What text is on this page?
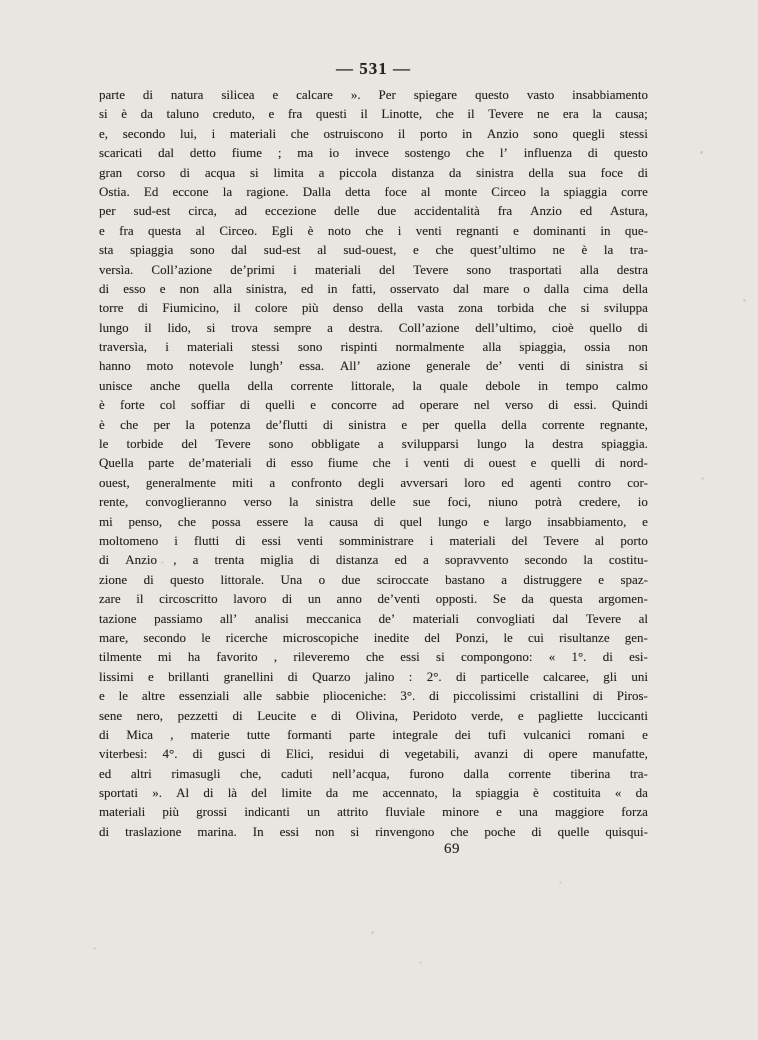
— 531 —
parte di natura silicea e calcare ». Per spiegare questo vasto insabbiamento
si è da taluno creduto, e fra questi il Linotte, che il Tevere ne era la causa;
e, secondo lui, i materiali che ostruiscono il porto in Anzio sono quegli stessi
scaricati dal detto fiume ; ma io invece sostengo che l’ influenza di questo
gran corso di acqua si limita a piccola distanza da sinistra della sua foce di
Ostia. Ed eccone la ragione. Dalla detta foce al monte Circeo la spiaggia corre
per sud-est circa, ad eccezione delle due accidentalità fra Anzio ed Astura,
e fra questa al Circeo. Egli è noto che i venti regnanti e dominanti in que-
sta spiaggia sono dal sud-est al sud-ouest, e che quest’ultimo ne è la tra-
versìa. Coll’azione de’primi i materiali del Tevere sono trasportati alla destra
di esso e non alla sinistra, ed in fatti, osservato dal mare o dalla cima della
torre di Fiumicino, il colore più denso della vasta zona torbida che si sviluppa
lungo il lido, si trova sempre a destra. Coll’azione dell’ultimo, cioè quello di
traversìa, i materiali stessi sono rispinti normalmente alla spiaggia, ossia non
hanno moto notevole lungh’ essa. All’ azione generale de’ venti di sinistra si
unisce anche quella della corrente littorale, la quale debole in tempo calmo
è forte col soffiar di quelli e concorre ad operare nel verso di essi. Quindi
è che per la potenza de’flutti di sinistra e per quella della corrente regnante,
le torbide del Tevere sono obbligate a svilupparsi lungo la destra spiaggia.
Quella parte de’materiali di esso fiume che i venti di ouest e quelli di nord-
ouest, generalmente miti a confronto degli avversari loro ed agenti contro cor-
rente, convoglieranno verso la sinistra delle sue foci, niuno potrà credere, io
mi penso, che possa essere la causa di quel lungo e largo insabbiamento, e
moltomeno i flutti di essi venti somministrare i materiali del Tevere al porto
di Anzio , a trenta miglia di distanza ed a sopravvento secondo la costitu-
zione di questo littorale. Una o due sciroccate bastano a distruggere e spaz-
zare il circoscritto lavoro di un anno de’venti opposti. Se da questa argomen-
tazione passiamo all’ analisi meccanica de’ materiali convogliati dal Tevere al
mare, secondo le ricerche microscopiche inedite del Ponzi, le cui risultanze gen-
tilmente mi ha favorito , rileveremo che essi si compongono: « 1°. di esi-
lissimi e brillanti granellini di Quarzo jalino : 2°. di particelle calcaree, gli uni
e le altre essenziali alle sabbie plioceniche: 3°. di piccolissimi cristallini di Piros-
sene nero, pezzetti di Leucite e di Olivina, Peridoto verde, e pagliette luccicanti
di Mica , materie tutte formanti parte integrale dei tufi vulcanici romani e
viterbesi: 4°. di gusci di Elici, residui di vegetabili, avanzi di opere manufatte,
ed altri rimasugli che, caduti nell’acqua, furono dalla corrente tiberina tra-
sportati ». Al di là del limite da me accennato, la spiaggia è costituita « da
materiali più grossi indicanti un attrito fluviale minore e una maggiore forza
di traslazione marina. In essi non si rinvengono che poche di quelle quisqui-
69
